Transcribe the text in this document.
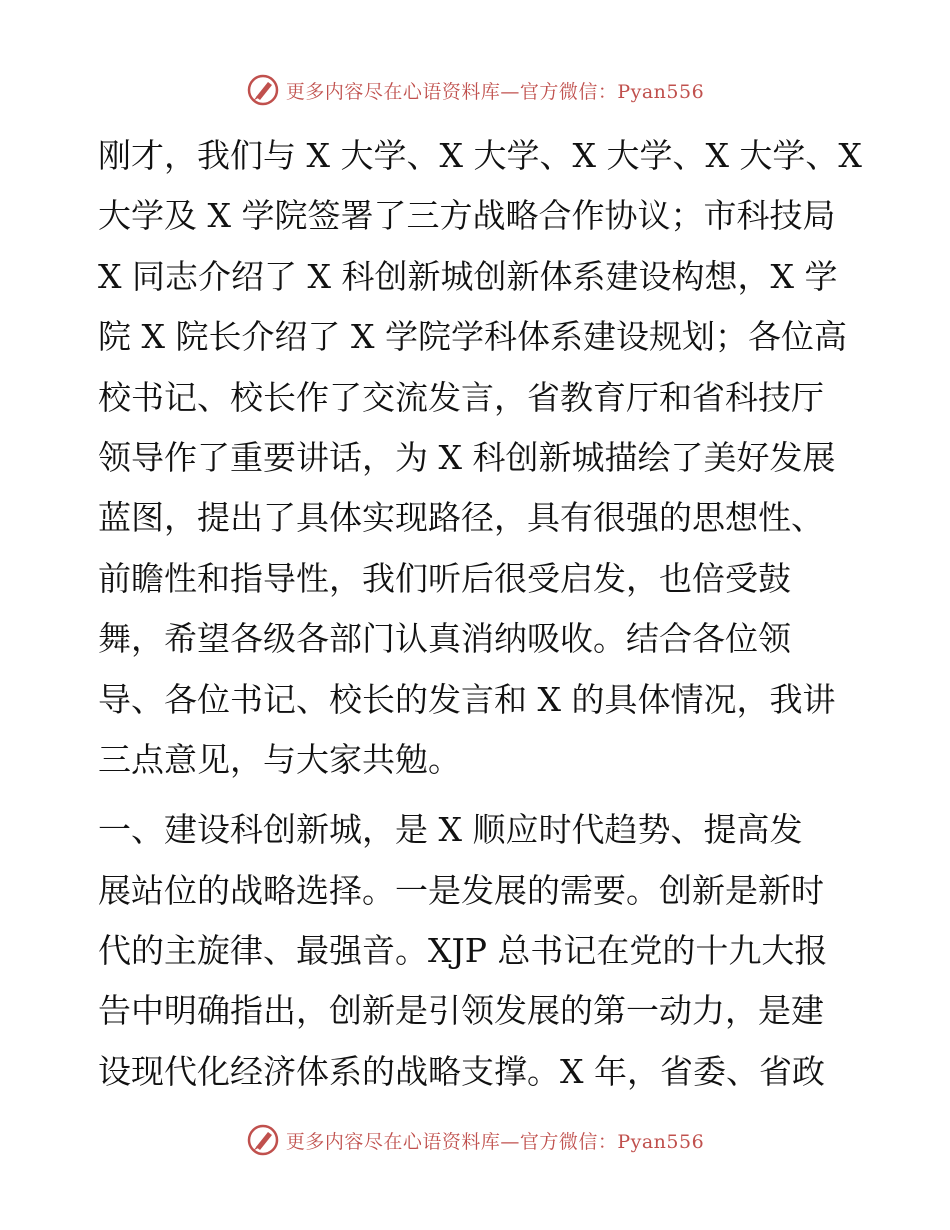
更多内容尽在心语资料库—官方微信：Pyan556

刚才，我们与 X 大学、X 大学、X 大学、X 大学、X
大学及 X 学院签署了三方战略合作协议；市科技局
X 同志介绍了 X 科创新城创新体系建设构想，X 学
院 X 院长介绍了 X 学院学科体系建设规划；各位高
校书记、校长作了交流发言，省教育厅和省科技厅
领导作了重要讲话，为 X 科创新城描绘了美好发展
蓝图，提出了具体实现路径，具有很强的思想性、
前瞻性和指导性，我们听后很受启发，也倍受鼓
舞，希望各级各部门认真消纳吸收。结合各位领
导、各位书记、校长的发言和 X 的具体情况，我讲
三点意见，与大家共勉。

一、建设科创新城，是 X 顺应时代趋势、提高发
展站位的战略选择。一是发展的需要。创新是新时
代的主旋律、最强音。XJP 总书记在党的十九大报
告中明确指出，创新是引领发展的第一动力，是建
设现代化经济体系的战略支撑。X 年，省委、省政

更多内容尽在心语资料库—官方微信：Pyan556
